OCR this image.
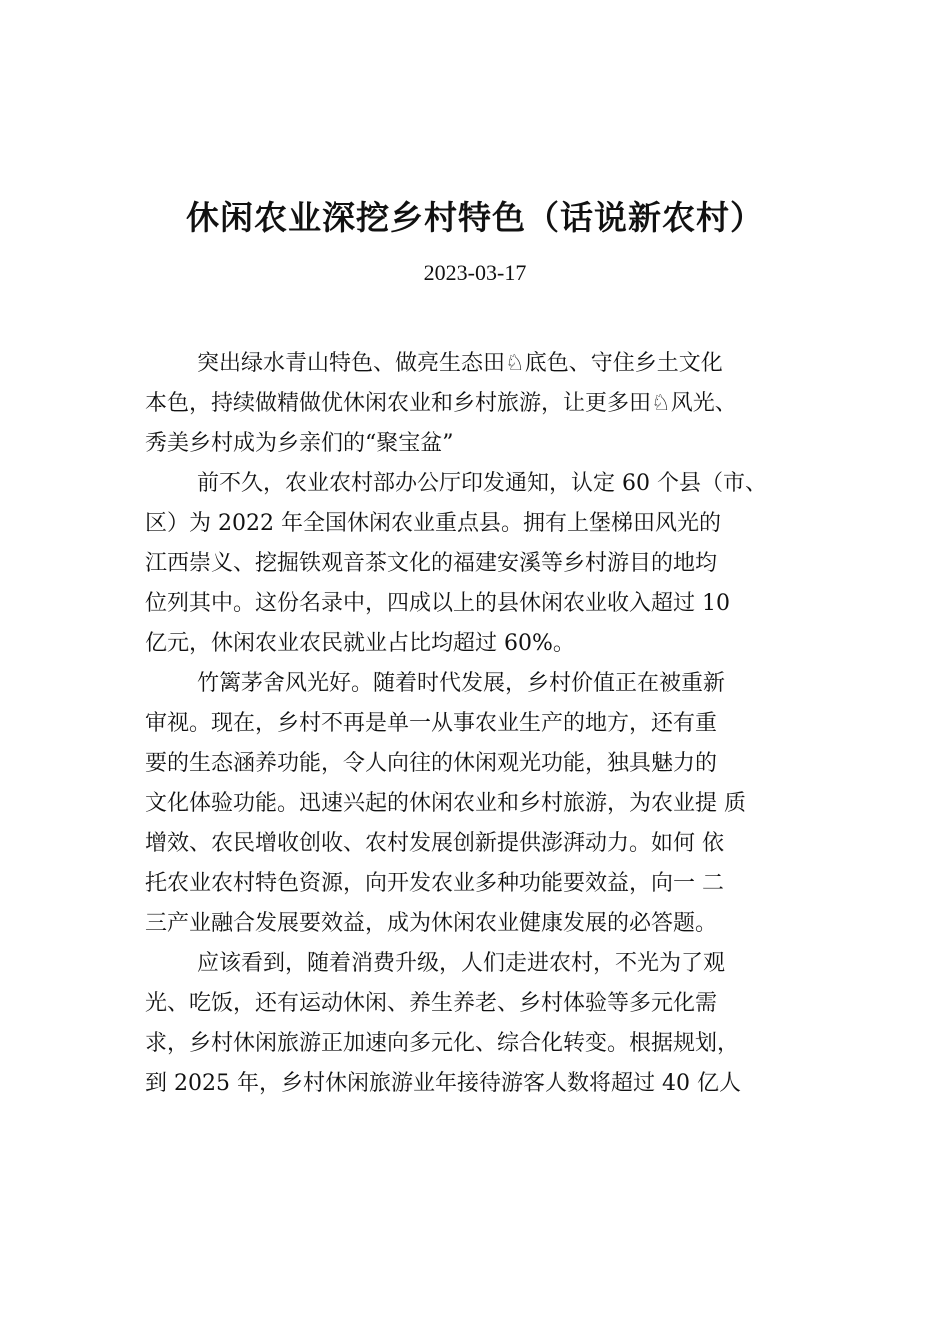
休闲农业深挖乡村特色（话说新农村）
2023-03-17
突出绿水青山特色、做亮生态田♘底色、守住乡土文化
本色，持续做精做优休闲农业和乡村旅游，让更多田♘风光、
秀美乡村成为乡亲们的“聚宝盆”
前不久，农业农村部办公厅印发通知，认定 60 个县（市、
区）为 2022 年全国休闲农业重点县。拥有上堡梯田风光的
江西崇义、挖掘铁观音茶文化的福建安溪等乡村游目的地均
位列其中。这份名录中，四成以上的县休闲农业收入超过 10
亿元，休闲农业农民就业占比均超过 60%。
竹篱茅舍风光好。随着时代发展，乡村价值正在被重新
审视。现在，乡村不再是单一从事农业生产的地方，还有重
要的生态涵养功能，令人向往的休闲观光功能，独具魅力的
文化体验功能。迅速兴起的休闲农业和乡村旅游，为农业提 质
增效、农民增收创收、农村发展创新提供澎湃动力。如何 依
托农业农村特色资源，向开发农业多种功能要效益，向一 二
三产业融合发展要效益，成为休闲农业健康发展的必答题。
应该看到，随着消费升级，人们走进农村，不光为了观
光、吃饭，还有运动休闲、养生养老、乡村体验等多元化需
求，乡村休闲旅游正加速向多元化、综合化转变。根据规划，
到 2025 年，乡村休闲旅游业年接待游客人数将超过 40 亿人
